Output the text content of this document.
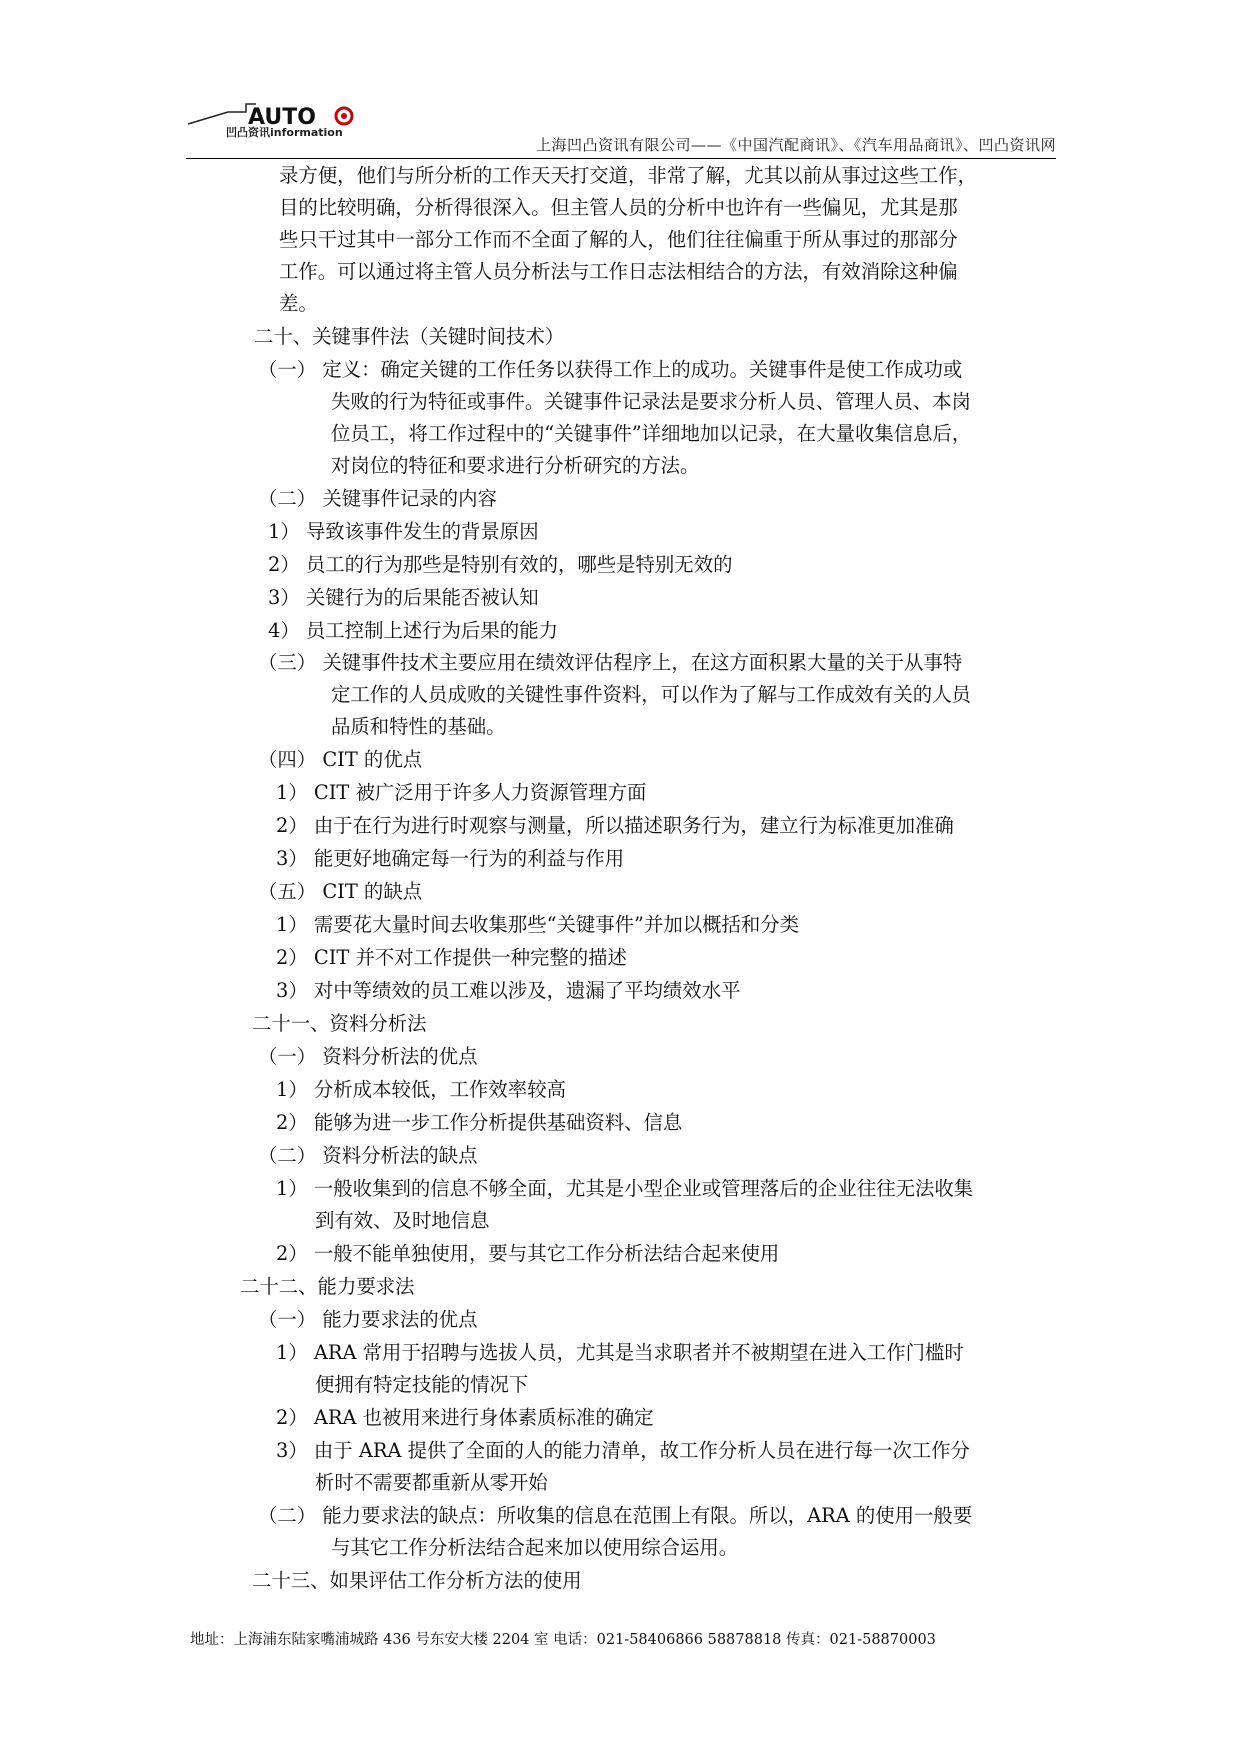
AUTO
凹凸资讯information
上海凹凸资讯有限公司——《中国汽配商讯》、《汽车用品商讯》、凹凸资讯网
录方便，他们与所分析的工作天天打交道，非常了解，尤其以前从事过这些工作，
目的比较明确，分析得很深入。但主管人员的分析中也许有一些偏见，尤其是那
些只干过其中一部分工作而不全面了解的人，他们往往偏重于所从事过的那部分
工作。可以通过将主管人员分析法与工作日志法相结合的方法，有效消除这种偏
差。
二十、关键事件法（关键时间技术）
（一） 定义：确定关键的工作任务以获得工作上的成功。关键事件是使工作成功或
失败的行为特征或事件。关键事件记录法是要求分析人员、管理人员、本岗
位员工，将工作过程中的“关键事件”详细地加以记录，在大量收集信息后，
对岗位的特征和要求进行分析研究的方法。
（二） 关键事件记录的内容
1） 导致该事件发生的背景原因
2） 员工的行为那些是特别有效的，哪些是特别无效的
3） 关键行为的后果能否被认知
4） 员工控制上述行为后果的能力
（三） 关键事件技术主要应用在绩效评估程序上，在这方面积累大量的关于从事特
定工作的人员成败的关键性事件资料，可以作为了解与工作成效有关的人员
品质和特性的基础。
（四） CIT 的优点
1） CIT 被广泛用于许多人力资源管理方面
2） 由于在行为进行时观察与测量，所以描述职务行为，建立行为标准更加准确
3） 能更好地确定每一行为的利益与作用
（五） CIT 的缺点
1） 需要花大量时间去收集那些“关键事件”并加以概括和分类
2） CIT 并不对工作提供一种完整的描述
3） 对中等绩效的员工难以涉及，遗漏了平均绩效水平
二十一、资料分析法
（一） 资料分析法的优点
1） 分析成本较低，工作效率较高
2） 能够为进一步工作分析提供基础资料、信息
（二） 资料分析法的缺点
1） 一般收集到的信息不够全面，尤其是小型企业或管理落后的企业往往无法收集
到有效、及时地信息
2） 一般不能单独使用，要与其它工作分析法结合起来使用
二十二、能力要求法
（一） 能力要求法的优点
1） ARA 常用于招聘与选拔人员，尤其是当求职者并不被期望在进入工作门槛时
便拥有特定技能的情况下
2） ARA 也被用来进行身体素质标准的确定
3） 由于 ARA 提供了全面的人的能力清单，故工作分析人员在进行每一次工作分
析时不需要都重新从零开始
（二） 能力要求法的缺点：所收集的信息在范围上有限。所以，ARA 的使用一般要
与其它工作分析法结合起来加以使用综合运用。
二十三、如果评估工作分析方法的使用
地址：上海浦东陆家嘴浦城路 436 号东安大楼 2204 室 电话：021-58406866 58878818 传真：021-58870003
